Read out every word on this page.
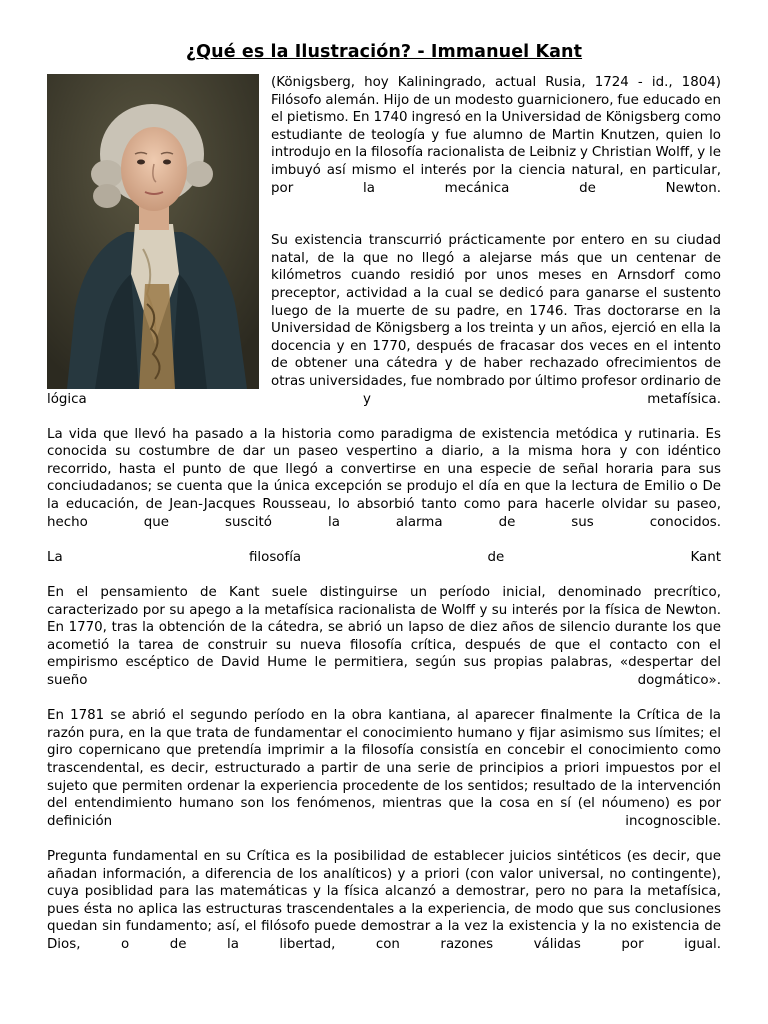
¿Qué es la Ilustración? - Immanuel Kant

(Königsberg, hoy Kaliningrado, actual Rusia, 1724 - id., 1804) Filósofo alemán. Hijo de un modesto guarnicionero, fue educado en el pietismo. En 1740 ingresó en la Universidad de Königsberg como estudiante de teología y fue alumno de Martin Knutzen, quien lo introdujo en la filosofía racionalista de Leibniz y Christian Wolff, y le imbuyó así mismo el interés por la ciencia natural, en particular, por la mecánica de Newton.

Su existencia transcurrió prácticamente por entero en su ciudad natal, de la que no llegó a alejarse más que un centenar de kilómetros cuando residió por unos meses en Arnsdorf como preceptor, actividad a la cual se dedicó para ganarse el sustento luego de la muerte de su padre, en 1746. Tras doctorarse en la Universidad de Königsberg a los treinta y un años, ejerció en ella la docencia y en 1770, después de fracasar dos veces en el intento de obtener una cátedra y de haber rechazado ofrecimientos de otras universidades, fue nombrado por último profesor ordinario de lógica y metafísica.

La vida que llevó ha pasado a la historia como paradigma de existencia metódica y rutinaria. Es conocida su costumbre de dar un paseo vespertino a diario, a la misma hora y con idéntico recorrido, hasta el punto de que llegó a convertirse en una especie de señal horaria para sus conciudadanos; se cuenta que la única excepción se produjo el día en que la lectura de Emilio o De la educación, de Jean-Jacques Rousseau, lo absorbió tanto como para hacerle olvidar su paseo, hecho que suscitó la alarma de sus conocidos.

La filosofía de Kant

En el pensamiento de Kant suele distinguirse un período inicial, denominado precrítico, caracterizado por su apego a la metafísica racionalista de Wolff y su interés por la física de Newton. En 1770, tras la obtención de la cátedra, se abrió un lapso de diez años de silencio durante los que acometió la tarea de construir su nueva filosofía crítica, después de que el contacto con el empirismo escéptico de David Hume le permitiera, según sus propias palabras, «despertar del sueño dogmático».

En 1781 se abrió el segundo período en la obra kantiana, al aparecer finalmente la Crítica de la razón pura, en la que trata de fundamentar el conocimiento humano y fijar asimismo sus límites; el giro copernicano que pretendía imprimir a la filosofía consistía en concebir el conocimiento como trascendental, es decir, estructurado a partir de una serie de principios a priori impuestos por el sujeto que permiten ordenar la experiencia procedente de los sentidos; resultado de la intervención del entendimiento humano son los fenómenos, mientras que la cosa en sí (el nóumeno) es por definición incognoscible.

Pregunta fundamental en su Crítica es la posibilidad de establecer juicios sintéticos (es decir, que añadan información, a diferencia de los analíticos) y a priori (con valor universal, no contingente), cuya posiblidad para las matemáticas y la física alcanzó a demostrar, pero no para la metafísica, pues ésta no aplica las estructuras trascendentales a la experiencia, de modo que sus conclusiones quedan sin fundamento; así, el filósofo puede demostrar a la vez la existencia y la no existencia de Dios, o de la libertad, con razones válidas por igual.
